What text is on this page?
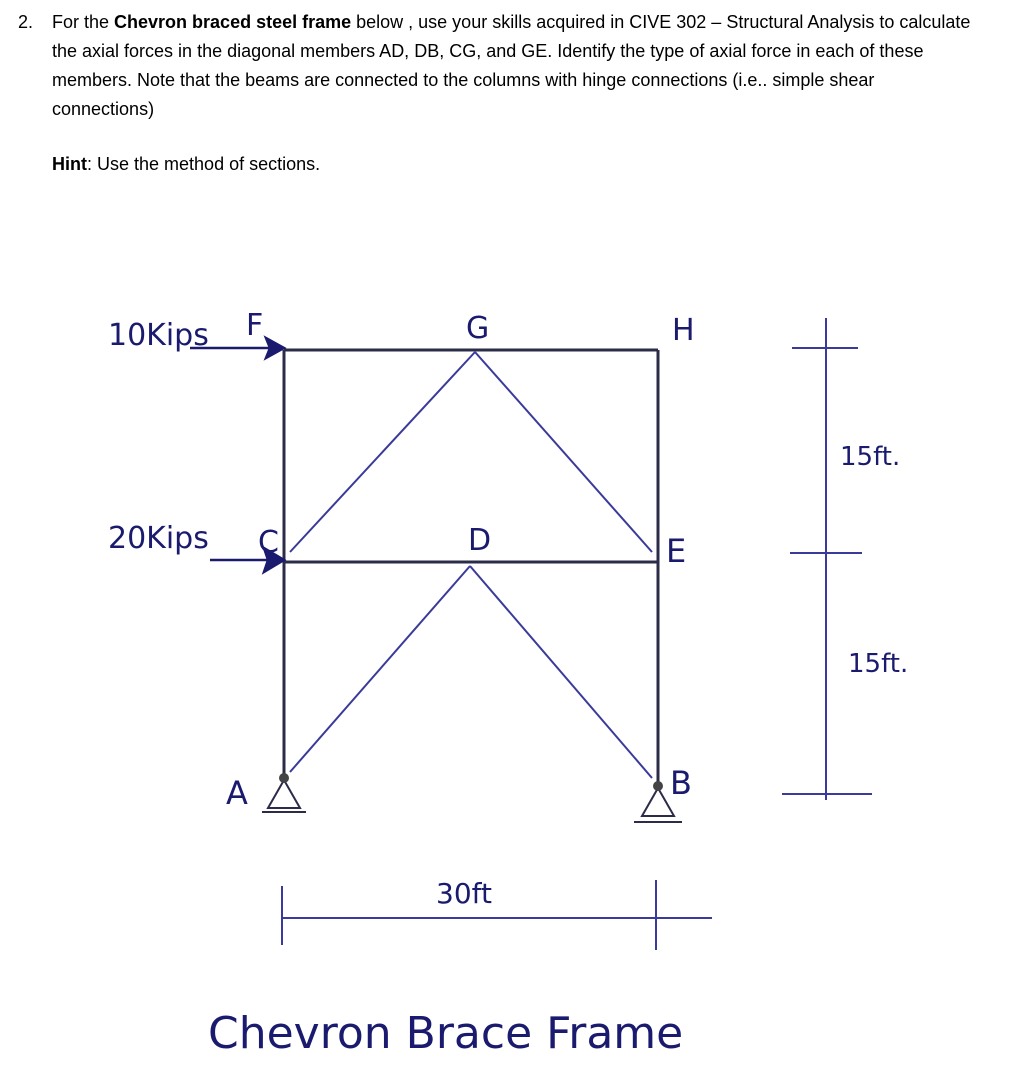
2. For the Chevron braced steel frame below , use your skills acquired in CIVE 302 – Structural Analysis to calculate the axial forces in the diagonal members AD, DB, CG, and GE. Identify the type of axial force in each of these members. Note that the beams are connected to the columns with hinge connections (i.e.. simple shear connections)
Hint: Use the method of sections.
10Kips
20Kips
F	G	H
C	D	E
A	B
15ft.
15ft.
30ft
Chevron Brace Frame
